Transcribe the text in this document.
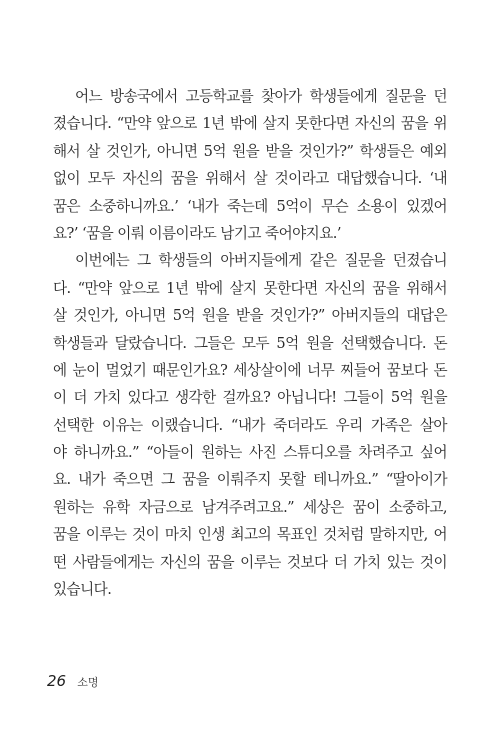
어느 방송국에서 고등학교를 찾아가 학생들에게 질문을 던
졌습니다. “만약 앞으로 1년 밖에 살지 못한다면 자신의 꿈을 위
해서 살 것인가, 아니면 5억 원을 받을 것인가?” 학생들은 예외
없이 모두 자신의 꿈을 위해서 살 것이라고 대답했습니다. ‘내
꿈은 소중하니까요.’ ‘내가 죽는데 5억이 무슨 소용이 있겠어
요?’ ‘꿈을 이뤄 이름이라도 남기고 죽어야지요.’
이번에는 그 학생들의 아버지들에게 같은 질문을 던졌습니
다. “만약 앞으로 1년 밖에 살지 못한다면 자신의 꿈을 위해서
살 것인가, 아니면 5억 원을 받을 것인가?” 아버지들의 대답은
학생들과 달랐습니다. 그들은 모두 5억 원을 선택했습니다. 돈
에 눈이 멀었기 때문인가요? 세상살이에 너무 찌들어 꿈보다 돈
이 더 가치 있다고 생각한 걸까요? 아닙니다! 그들이 5억 원을
선택한 이유는 이랬습니다. “내가 죽더라도 우리 가족은 살아
야 하니까요.” “아들이 원하는 사진 스튜디오를 차려주고 싶어
요. 내가 죽으면 그 꿈을 이뤄주지 못할 테니까요.” “딸아이가
원하는 유학 자금으로 남겨주려고요.” 세상은 꿈이 소중하고,
꿈을 이루는 것이 마치 인생 최고의 목표인 것처럼 말하지만, 어
떤 사람들에게는 자신의 꿈을 이루는 것보다 더 가치 있는 것이
있습니다.
26 소명
